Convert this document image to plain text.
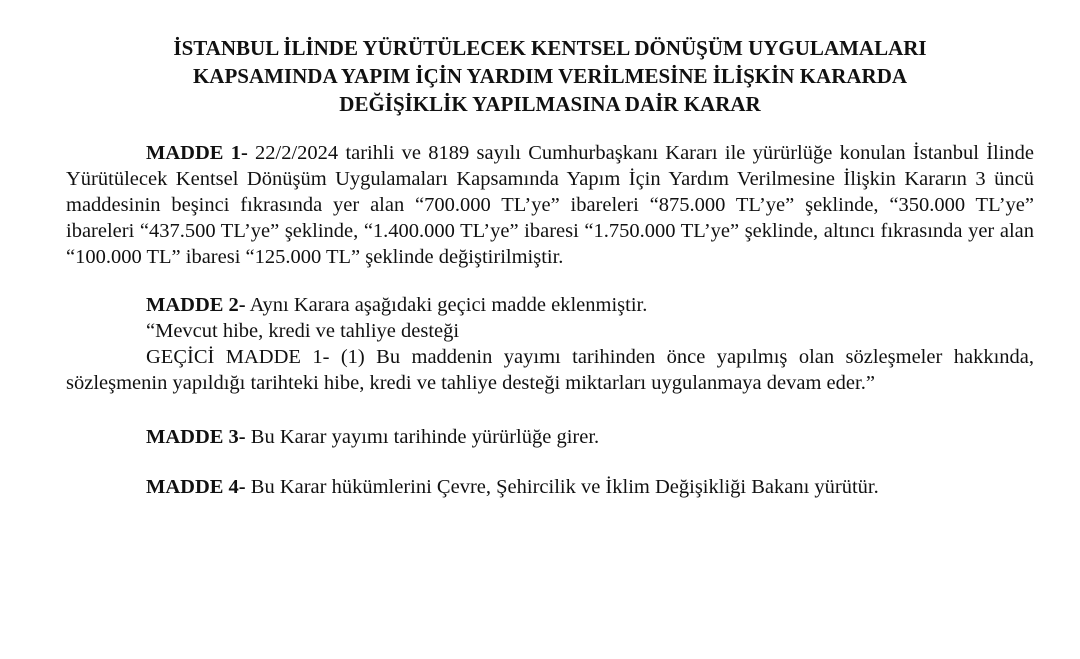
İSTANBUL İLİNDE YÜRÜTÜLECEK KENTSEL DÖNÜŞÜM UYGULAMALARI
KAPSAMINDA YAPIM İÇİN YARDIM VERİLMESİNE İLİŞKİN KARARDA
DEĞİŞİKLİK YAPILMASINA DAİR KARAR

MADDE 1- 22/2/2024 tarihli ve 8189 sayılı Cumhurbaşkanı Kararı ile yürürlüğe konulan İstanbul İlinde Yürütülecek Kentsel Dönüşüm Uygulamaları Kapsamında Yapım İçin Yardım Verilmesine İlişkin Kararın 3 üncü maddesinin beşinci fıkrasında yer alan “700.000 TL’ye” ibareleri “875.000 TL’ye” şeklinde, “350.000 TL’ye” ibareleri “437.500 TL’ye” şeklinde, “1.400.000 TL’ye” ibaresi “1.750.000 TL’ye” şeklinde, altıncı fıkrasında yer alan “100.000 TL” ibaresi “125.000 TL” şeklinde değiştirilmiştir.

MADDE 2- Aynı Karara aşağıdaki geçici madde eklenmiştir.

“Mevcut hibe, kredi ve tahliye desteği

GEÇİCİ MADDE 1- (1) Bu maddenin yayımı tarihinden önce yapılmış olan sözleşmeler hakkında, sözleşmenin yapıldığı tarihteki hibe, kredi ve tahliye desteği miktarları uygulanmaya devam eder.”

MADDE 3- Bu Karar yayımı tarihinde yürürlüğe girer.

MADDE 4- Bu Karar hükümlerini Çevre, Şehircilik ve İklim Değişikliği Bakanı yürütür.
